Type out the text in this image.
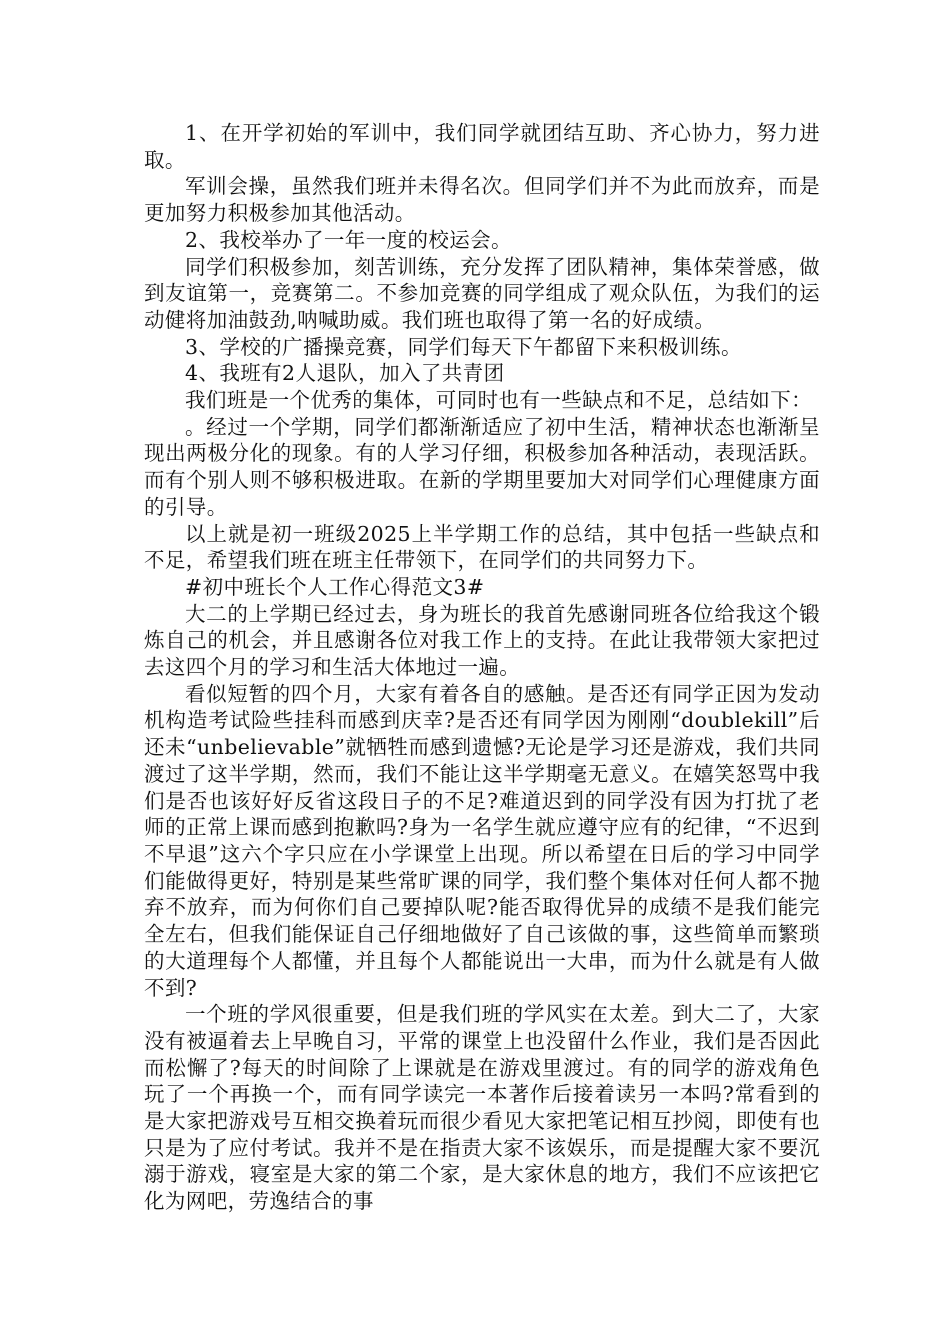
1、在开学初始的军训中，我们同学就团结互助、齐心协力，努力进取。

军训会操，虽然我们班并未得名次。但同学们并不为此而放弃，而是更加努力积极参加其他活动。

2、我校举办了一年一度的校运会。

同学们积极参加，刻苦训练，充分发挥了团队精神，集体荣誉感，做到友谊第一，竞赛第二。不参加竞赛的同学组成了观众队伍，为我们的运动健将加油鼓劲,呐喊助威。我们班也取得了第一名的好成绩。

3、学校的广播操竞赛，同学们每天下午都留下来积极训练。

4、我班有2人退队，加入了共青团

我们班是一个优秀的集体，可同时也有一些缺点和不足，总结如下：

。经过一个学期，同学们都渐渐适应了初中生活，精神状态也渐渐呈现出两极分化的现象。有的人学习仔细，积极参加各种活动，表现活跃。而有个别人则不够积极进取。在新的学期里要加大对同学们心理健康方面的引导。

以上就是初一班级2025上半学期工作的总结，其中包括一些缺点和不足，希望我们班在班主任带领下，在同学们的共同努力下。

#初中班长个人工作心得范文3#

大二的上学期已经过去，身为班长的我首先感谢同班各位给我这个锻炼自己的机会，并且感谢各位对我工作上的支持。在此让我带领大家把过去这四个月的学习和生活大体地过一遍。

看似短暂的四个月，大家有着各自的感触。是否还有同学正因为发动机构造考试险些挂科而感到庆幸?是否还有同学因为刚刚“doublekill”后还未“unbelievable”就牺牲而感到遗憾?无论是学习还是游戏，我们共同渡过了这半学期，然而，我们不能让这半学期毫无意义。在嬉笑怒骂中我们是否也该好好反省这段日子的不足?难道迟到的同学没有因为打扰了老师的正常上课而感到抱歉吗?身为一名学生就应遵守应有的纪律，“不迟到不早退”这六个字只应在小学课堂上出现。所以希望在日后的学习中同学们能做得更好，特别是某些常旷课的同学，我们整个集体对任何人都不抛弃不放弃，而为何你们自己要掉队呢?能否取得优异的成绩不是我们能完全左右，但我们能保证自己仔细地做好了自己该做的事，这些简单而繁琐的大道理每个人都懂，并且每个人都能说出一大串，而为什么就是有人做不到?

一个班的学风很重要，但是我们班的学风实在太差。到大二了，大家没有被逼着去上早晚自习，平常的课堂上也没留什么作业，我们是否因此而松懈了?每天的时间除了上课就是在游戏里渡过。有的同学的游戏角色玩了一个再换一个，而有同学读完一本著作后接着读另一本吗?常看到的是大家把游戏号互相交换着玩而很少看见大家把笔记相互抄阅，即使有也只是为了应付考试。我并不是在指责大家不该娱乐，而是提醒大家不要沉溺于游戏，寝室是大家的第二个家，是大家休息的地方，我们不应该把它化为网吧，劳逸结合的事
